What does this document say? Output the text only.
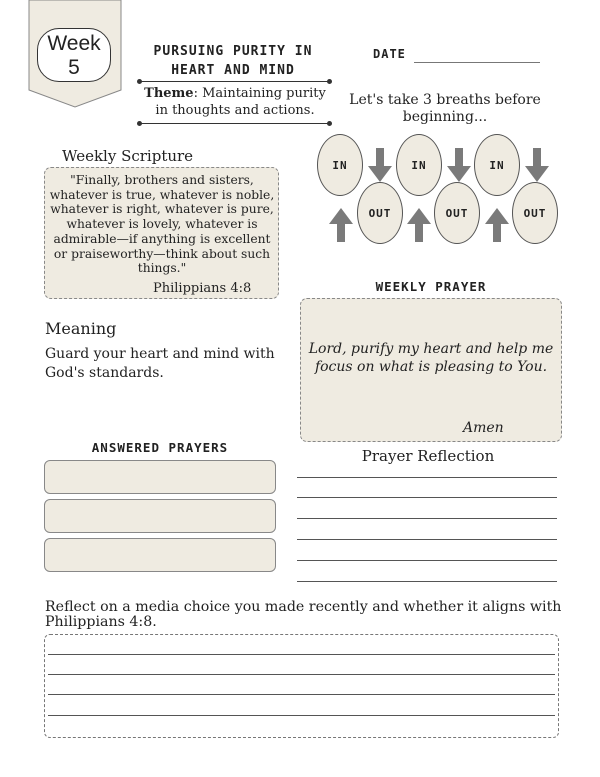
Week
5
PURSUING PURITY IN
HEART AND MIND
Theme: Maintaining purity in thoughts and actions.
DATE
Let's take 3 breaths before beginning...
IN	IN	IN
OUT	OUT	OUT
Weekly Scripture
"Finally, brothers and sisters, whatever is true, whatever is noble, whatever is right, whatever is pure, whatever is lovely, whatever is admirable—if anything is excellent or praiseworthy—think about such things."
Philippians 4:8	WEEKLY PRAYER
Lord, purify my heart and help me focus on what is pleasing to You.
Amen
Meaning
Guard your heart and mind with God's standards.
ANSWERED PRAYERS	Prayer Reflection
Reflect on a media choice you made recently and whether it aligns with Philippians 4:8.
